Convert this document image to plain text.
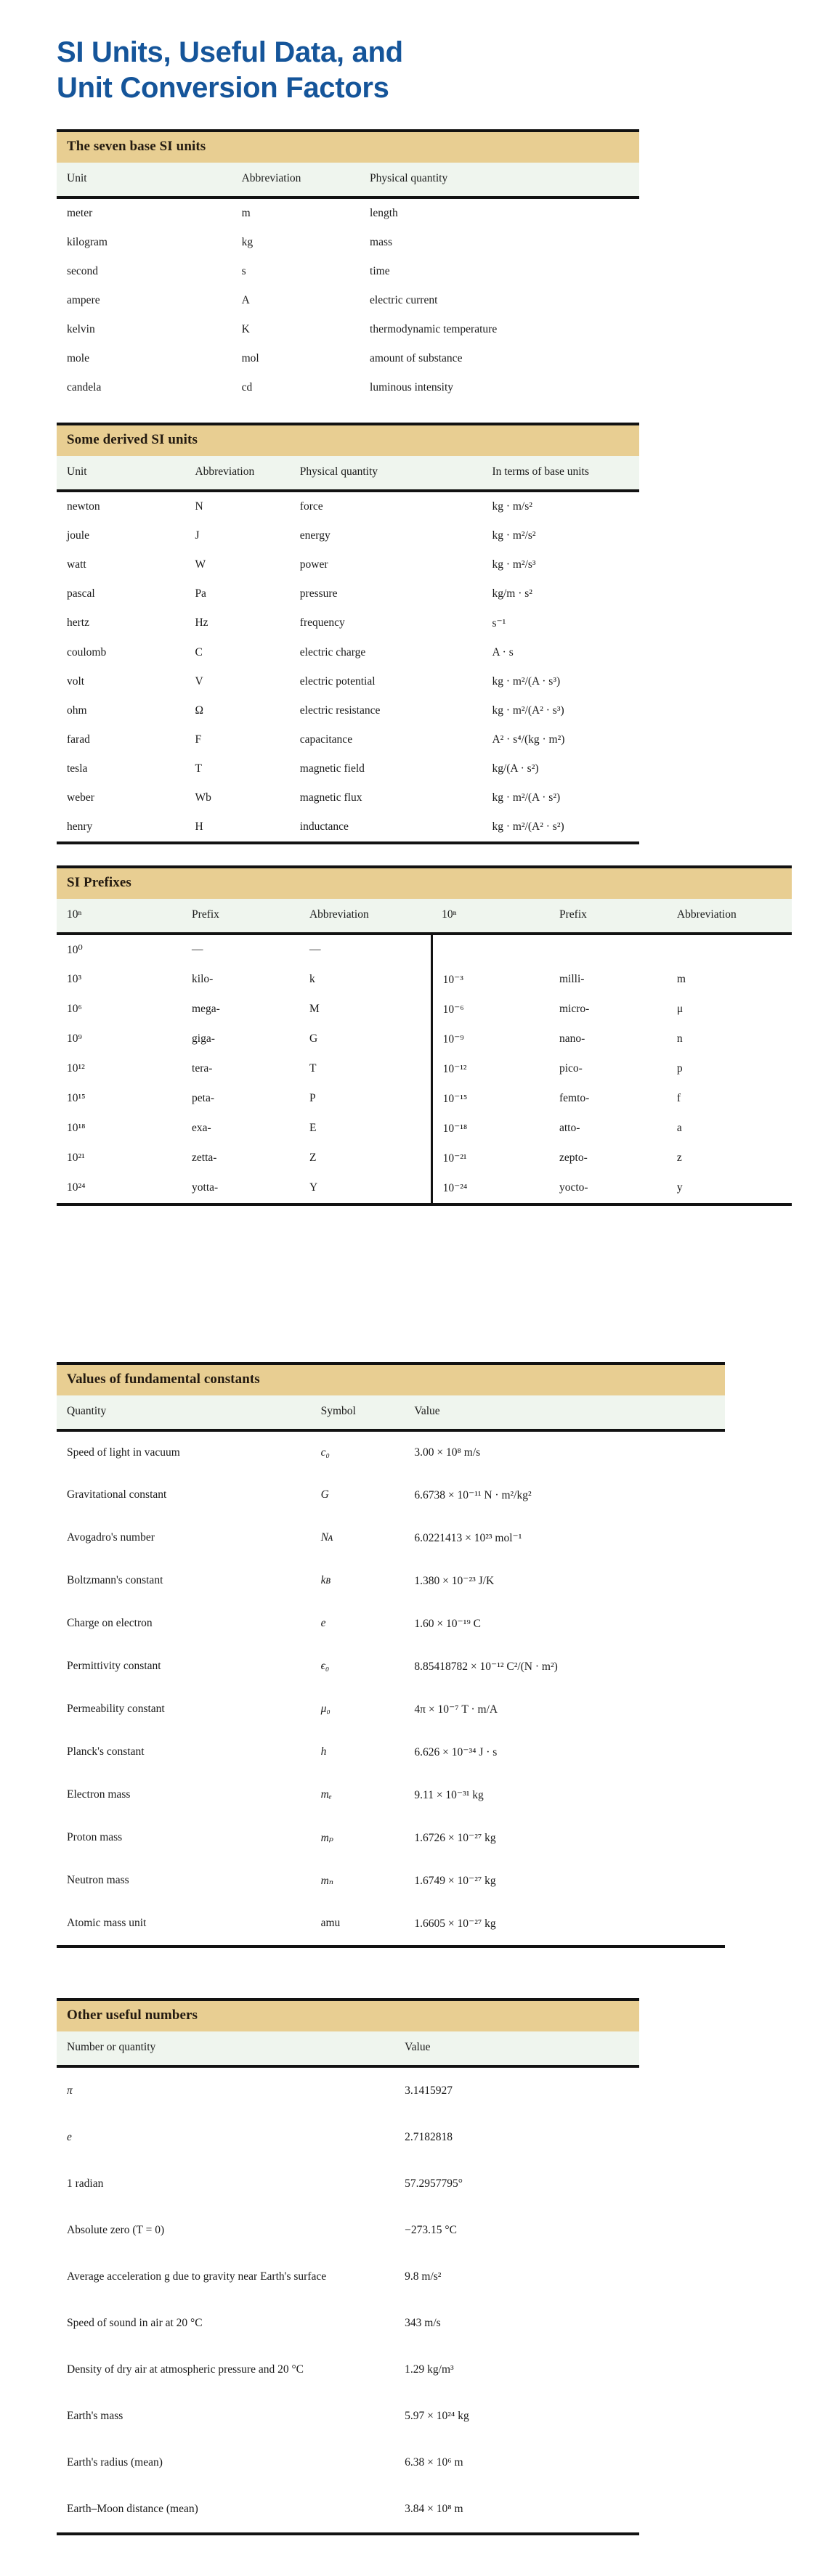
SI Units, Useful Data, and
Unit Conversion Factors
The seven base SI units
Unit	Abbreviation	Physical quantity
meter	m	length
kilogram	kg	mass
second	s	time
ampere	A	electric current
kelvin	K	thermodynamic temperature
mole	mol	amount of substance
candela	cd	luminous intensity
Some derived SI units
Unit	Abbreviation	Physical quantity	In terms of base units
newton	N	force	kg · m/s²
joule	J	energy	kg · m²/s²
watt	W	power	kg · m²/s³
pascal	Pa	pressure	kg/m · s²
hertz	Hz	frequency	s⁻¹
coulomb	C	electric charge	A · s
volt	V	electric potential	kg · m²/(A · s³)
ohm	Ω	electric resistance	kg · m²/(A² · s³)
farad	F	capacitance	A² · s⁴/(kg · m²)
tesla	T	magnetic field	kg/(A · s²)
weber	Wb	magnetic flux	kg · m²/(A · s²)
henry	H	inductance	kg · m²/(A² · s²)
SI Prefixes
10ⁿ	Prefix	Abbreviation	10ⁿ	Prefix	Abbreviation
10⁰	—	—			
10³	kilo-	k	10⁻³	milli-	m
10⁶	mega-	M	10⁻⁶	micro-	μ
10⁹	giga-	G	10⁻⁹	nano-	n
10¹²	tera-	T	10⁻¹²	pico-	p
10¹⁵	peta-	P	10⁻¹⁵	femto-	f
10¹⁸	exa-	E	10⁻¹⁸	atto-	a
10²¹	zetta-	Z	10⁻²¹	zepto-	z
10²⁴	yotta-	Y	10⁻²⁴	yocto-	y
Values of fundamental constants
Quantity	Symbol	Value
Speed of light in vacuum	c₀	3.00 × 10⁸ m/s
Gravitational constant	G	6.6738 × 10⁻¹¹ N · m²/kg²
Avogadro's number	Nᴀ	6.0221413 × 10²³ mol⁻¹
Boltzmann's constant	kʙ	1.380 × 10⁻²³ J/K
Charge on electron	e	1.60 × 10⁻¹⁹ C
Permittivity constant	ϵ₀	8.85418782 × 10⁻¹² C²/(N · m²)
Permeability constant	μ₀	4π × 10⁻⁷ T · m/A
Planck's constant	h	6.626 × 10⁻³⁴ J · s
Electron mass	mₑ	9.11 × 10⁻³¹ kg
Proton mass	mₚ	1.6726 × 10⁻²⁷ kg
Neutron mass	mₙ	1.6749 × 10⁻²⁷ kg
Atomic mass unit	amu	1.6605 × 10⁻²⁷ kg
Other useful numbers
Number or quantity	Value
π	3.1415927
e	2.7182818
1 radian	57.2957795°
Absolute zero (T = 0)	−273.15 °C
Average acceleration g due to gravity near Earth's surface	9.8 m/s²
Speed of sound in air at 20 °C	343 m/s
Density of dry air at atmospheric pressure and 20 °C	1.29 kg/m³
Earth's mass	5.97 × 10²⁴ kg
Earth's radius (mean)	6.38 × 10⁶ m
Earth–Moon distance (mean)	3.84 × 10⁸ m
